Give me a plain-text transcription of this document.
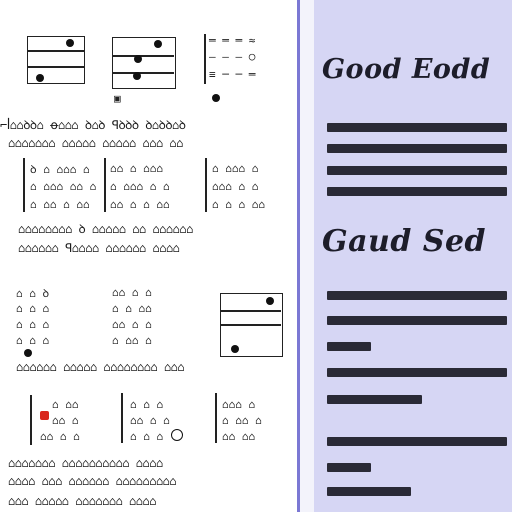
▣
═ ═ ═ ≈
— — — ○
≡ ─ ─ ═
⌐ꟾ⌂⌂ꝺꝺ⌂ ꝋ⌂⌂⌂ ꝺ⌂ꝺ ꟼꝺꝺꝺ ꝺ⌂ꝺꝺ⌂ꝺ
⌂⌂⌂⌂⌂⌂⌂ ⌂⌂⌂⌂⌂ ⌂⌂⌂⌂⌂ ⌂⌂⌂ ⌂⌂
ꝺ ⌂ ⌂⌂⌂ ⌂
⌂ ⌂⌂⌂ ⌂⌂ ⌂
⌂ ⌂⌂ ⌂ ⌂⌂
⌂⌂ ⌂ ⌂⌂⌂
⌂ ⌂⌂⌂ ⌂ ⌂
⌂⌂ ⌂ ⌂ ⌂⌂
⌂ ⌂⌂⌂ ⌂
⌂⌂⌂ ⌂ ⌂
⌂ ⌂ ⌂ ⌂⌂
⌂⌂⌂⌂⌂⌂⌂⌂ ꝺ ⌂⌂⌂⌂⌂ ⌂⌂ ⌂⌂⌂⌂⌂⌂
⌂⌂⌂⌂⌂⌂ ꟼ⌂⌂⌂⌂ ⌂⌂⌂⌂⌂⌂ ⌂⌂⌂⌂
⌂ ⌂ ꝺ
⌂ ⌂ ⌂
⌂ ⌂ ⌂
⌂ ⌂ ⌂
⌂⌂ ⌂ ⌂
⌂ ⌂ ⌂⌂
⌂⌂ ⌂ ⌂
⌂ ⌂⌂ ⌂
⌂⌂⌂⌂⌂⌂ ⌂⌂⌂⌂⌂ ⌂⌂⌂⌂⌂⌂⌂⌂ ⌂⌂⌂
⌂ ⌂⌂
⌂⌂ ⌂
⌂⌂ ⌂ ⌂
⌂ ⌂ ⌂
⌂⌂ ⌂ ⌂
⌂ ⌂ ⌂
⌂⌂⌂ ⌂
⌂ ⌂⌂ ⌂
⌂⌂ ⌂⌂
⌂⌂⌂⌂⌂⌂⌂ ⌂⌂⌂⌂⌂⌂⌂⌂⌂⌂ ⌂⌂⌂⌂
⌂⌂⌂⌂ ⌂⌂⌂ ⌂⌂⌂⌂⌂⌂ ⌂⌂⌂⌂⌂⌂⌂⌂⌂
⌂⌂⌂ ⌂⌂⌂⌂⌂ ⌂⌂⌂⌂⌂⌂⌂ ⌂⌂⌂⌂
Good Eodd
Gaud Sed
